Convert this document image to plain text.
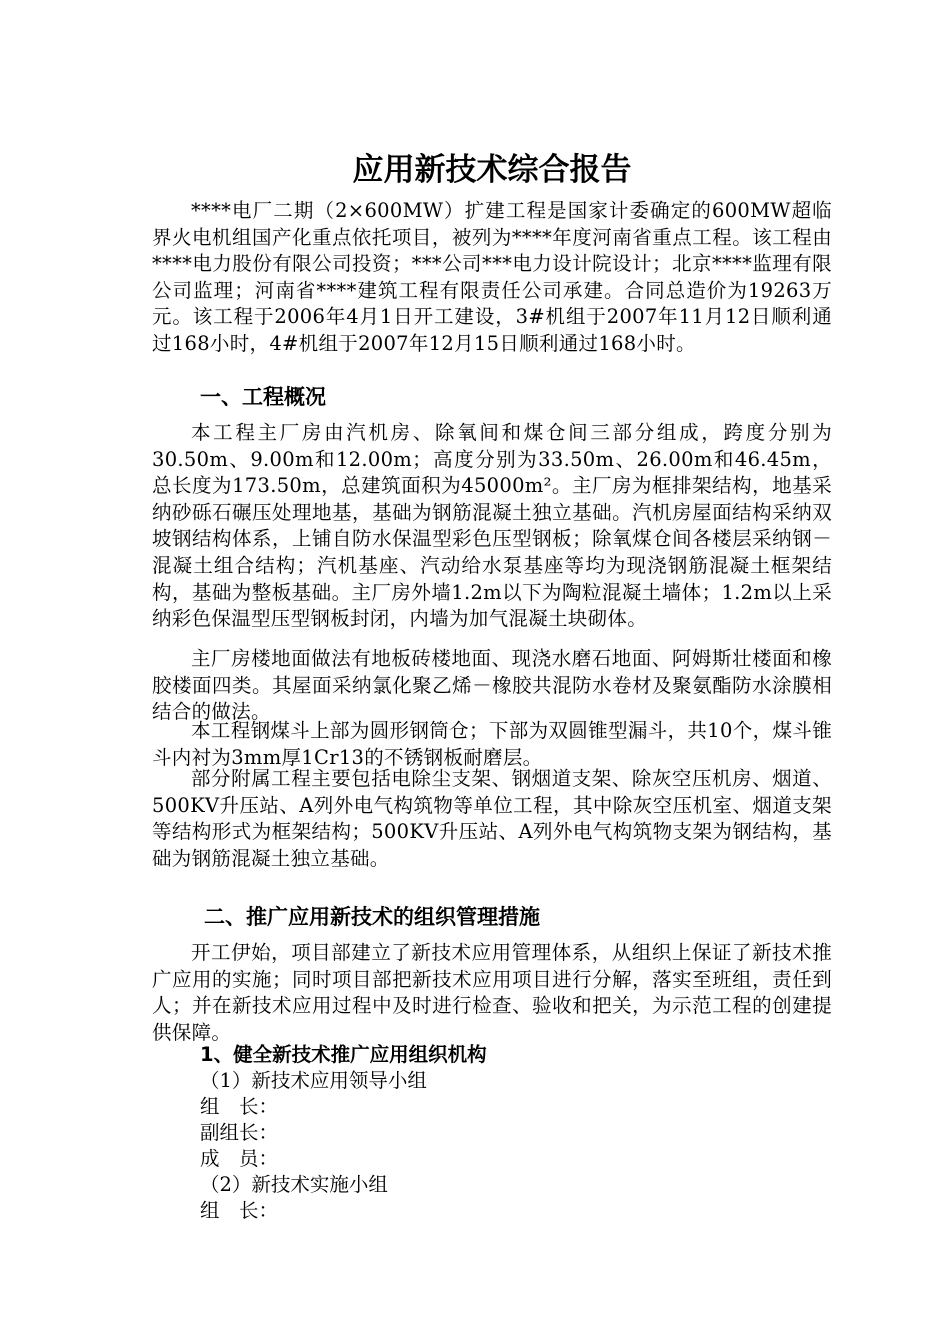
应用新技术综合报告
****电厂二期（2×600MW）扩建工程是国家计委确定的600MW超临界火电机组国产化重点依托项目，被列为****年度河南省重点工程。该工程由****电力股份有限公司投资；***公司***电力设计院设计；北京****监理有限公司监理；河南省****建筑工程有限责任公司承建。合同总造价为19263万元。该工程于2006年4月1日开工建设，3#机组于2007年11月12日顺利通过168小时，4#机组于2007年12月15日顺利通过168小时。
一、工程概况
本工程主厂房由汽机房、除氧间和煤仓间三部分组成，跨度分别为30.50m、9.00m和12.00m；高度分别为33.50m、26.00m和46.45m，总长度为173.50m，总建筑面积为45000m²。主厂房为框排架结构，地基采纳砂砾石碾压处理地基，基础为钢筋混凝土独立基础。汽机房屋面结构采纳双坡钢结构体系，上铺自防水保温型彩色压型钢板；除氧煤仓间各楼层采纳钢－混凝土组合结构；汽机基座、汽动给水泵基座等均为现浇钢筋混凝土框架结构，基础为整板基础。主厂房外墙1.2m以下为陶粒混凝土墙体；1.2m以上采纳彩色保温型压型钢板封闭，内墙为加气混凝土块砌体。
主厂房楼地面做法有地板砖楼地面、现浇水磨石地面、阿姆斯壮楼面和橡胶楼面四类。其屋面采纳氯化聚乙烯－橡胶共混防水卷材及聚氨酯防水涂膜相结合的做法。
本工程钢煤斗上部为圆形钢筒仓；下部为双圆锥型漏斗，共10个，煤斗锥斗内衬为3mm厚1Cr13的不锈钢板耐磨层。
部分附属工程主要包括电除尘支架、钢烟道支架、除灰空压机房、烟道、500KV升压站、A列外电气构筑物等单位工程，其中除灰空压机室、烟道支架等结构形式为框架结构；500KV升压站、A列外电气构筑物支架为钢结构，基础为钢筋混凝土独立基础。
二、推广应用新技术的组织管理措施
开工伊始，项目部建立了新技术应用管理体系，从组织上保证了新技术推广应用的实施；同时项目部把新技术应用项目进行分解，落实至班组，责任到人；并在新技术应用过程中及时进行检查、验收和把关，为示范工程的创建提供保障。
1、健全新技术推广应用组织机构
（1）新技术应用领导小组
组　长：
副组长：
成　员：
（2）新技术实施小组
组　长：
